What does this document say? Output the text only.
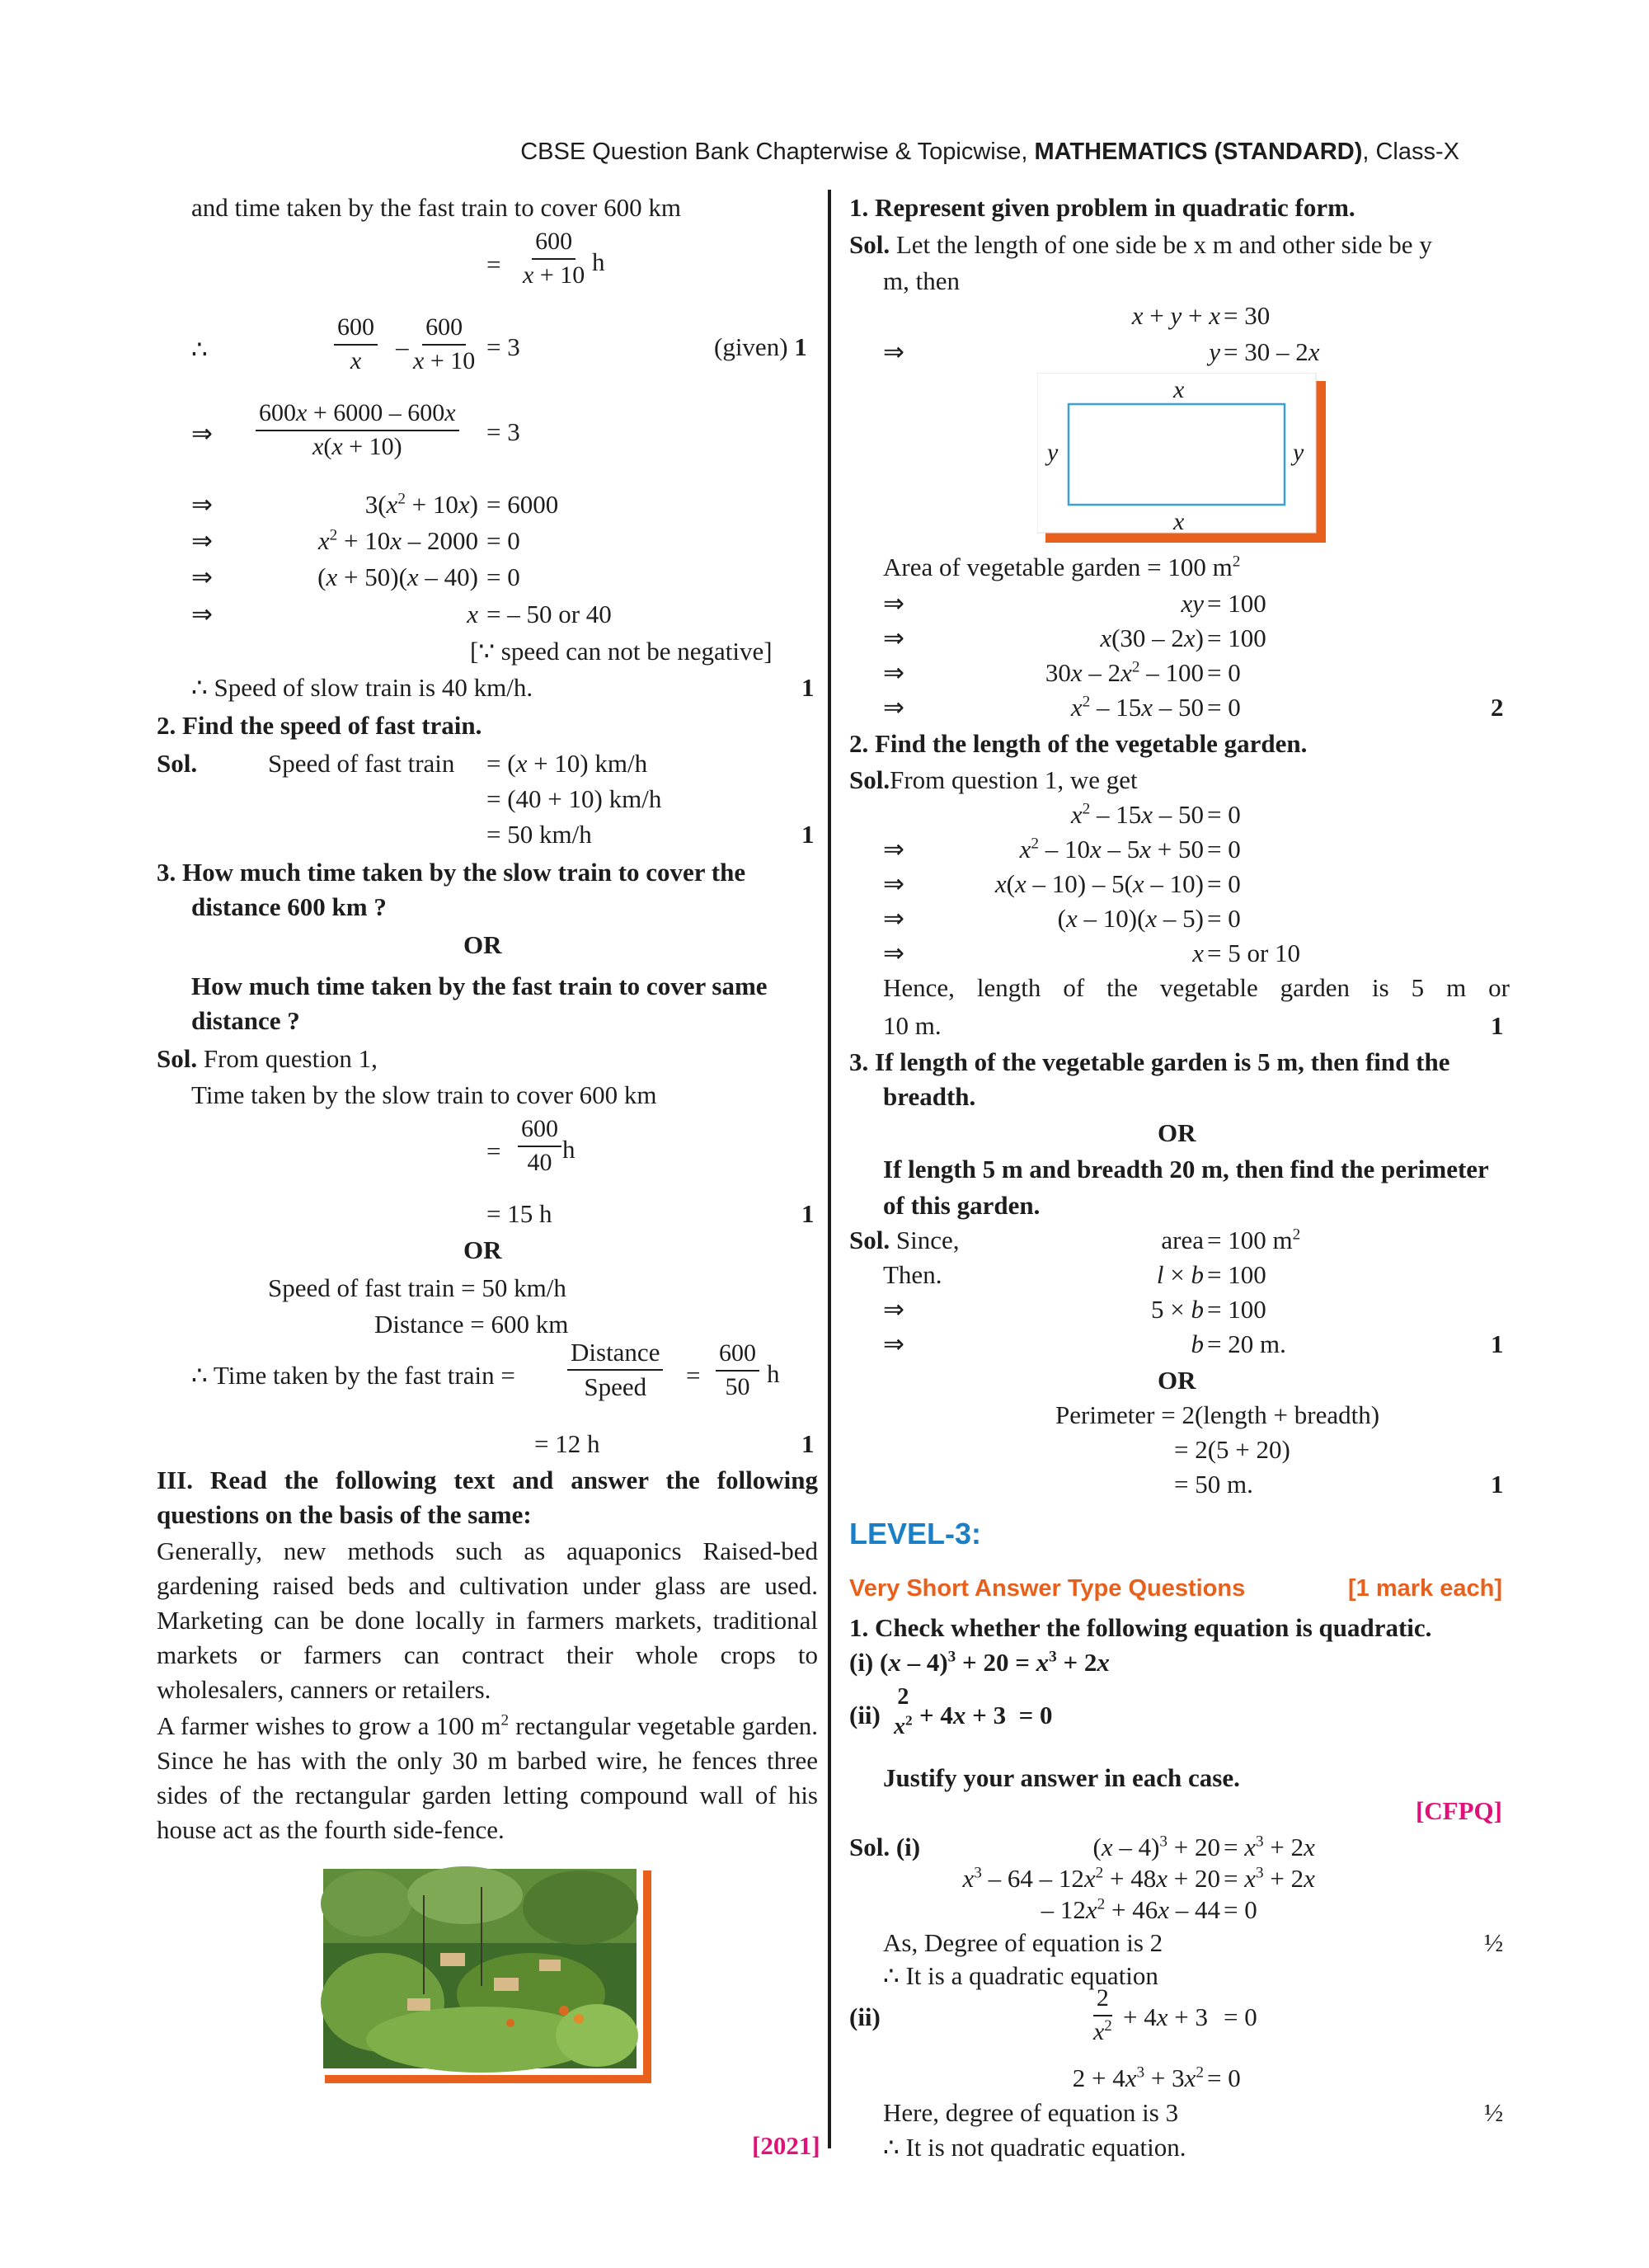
CBSE Question Bank Chapterwise & Topicwise, MATHEMATICS (STANDARD), Class-X
and time taken by the fast train to cover 600 km
= $\frac{600}{x + 10}$ h
∴	$\frac{600}{x} - \frac{600}{x + 10} = 3$	(given) 1
⇒ $\frac{600x + 6000 - 600x}{x(x + 10)} = 3$
⇒	$3(x^2 + 10x) = 6000$
⇒	$x^2 + 10x - 2000 = 0$
⇒	(x + 50)(x – 40) = 0
⇒	x = – 50 or 40
[∵ speed can not be negative]
∴ Speed of slow train is 40 km/h.	1
2. Find the speed of fast train.
Sol.	Speed of fast train = (x + 10) km/h
= (40 + 10) km/h
= 50 km/h	1
3. How much time taken by the slow train to cover the
distance 600 km ?
OR
How much time taken by the fast train to cover same
distance ?
Sol. From question 1,
Time taken by the slow train to cover 600 km
= $\frac{600}{40}$ h
= 15 h	1
OR
Speed of fast train = 50 km/h
Distance = 600 km
∴ Time taken by the fast train =
Distance
Speed = $\frac{600}{50}$ h
= 12 h	1
III. Read the following text and answer the following questions on the basis of the same:
Generally, new methods such as aquaponics Raised-bed gardening raised beds and cultivation under glass are used. Marketing can be done locally in farmers markets, traditional markets or farmers can contract their whole crops to wholesalers, canners or retailers.
A farmer wishes to grow a 100 $m^2$ rectangular vegetable garden. Since he has with the only 30 m barbed wire, he fences three sides of the rectangular garden letting compound wall of his house act as the fourth side-fence.
[2021]
1. Represent given problem in quadratic form.
Sol. Let the length of one side be x m and other side be y
m, then
x + y + x = 30
⇒	y = 30 – 2x
x
x
y	y
Area of vegetable garden = 100 $m^2$
⇒	xy = 100
⇒	x(30 – 2x) = 100
⇒	$30x - 2x^2 - 100 = 0$
⇒	$x^2 - 15x - 50 = 0$	2
2. Find the length of the vegetable garden.
Sol.From question 1, we get
$x^2 - 15x - 50 = 0$
⇒	$x^2 - 10x - 5x + 50 = 0$
⇒	x(x – 10) – 5(x – 10) = 0
⇒	(x – 10)(x – 5) = 0
⇒	x = 5 or 10
Hence, length of the vegetable garden is 5 m or
10 m.	1
3. If length of the vegetable garden is 5 m, then find the
breadth.
OR
If length 5 m and breadth 20 m, then find the perimeter
of this garden.
Sol. Since,	area = 100 $m^2$
Then.	l × b = 100
⇒	5 × b = 100
⇒	b = 20 m.	1
OR
Perimeter = 2(length + breadth)
= 2(5 + 20)
= 50 m.	1
LEVEL-3:
Very Short Answer Type Questions	[1 mark each]
1. Check whether the following equation is quadratic.
(i) $(x - 4)^3 + 20 = x^3 + 2x$
(ii)
2
$x^2 + 4x + 3 = 0$
Justify your answer in each case.
[CFPQ]
Sol. (i)	$(x - 4)^3 + 20 = x^3 + 2x$
$x^3 - 64 - 12x^2 + 48x + 20 = x^3 + 2x$
– $12x^2 + 46x - 44 = 0$
As, Degree of equation is 2	½
∴ It is a quadratic equation
(ii)	$\frac{2}{x^2} + 4x + 3 = 0$
$2 + 4x^3 + 3x^2 = 0$
Here, degree of equation is 3	½
∴ It is not quadratic equation.
